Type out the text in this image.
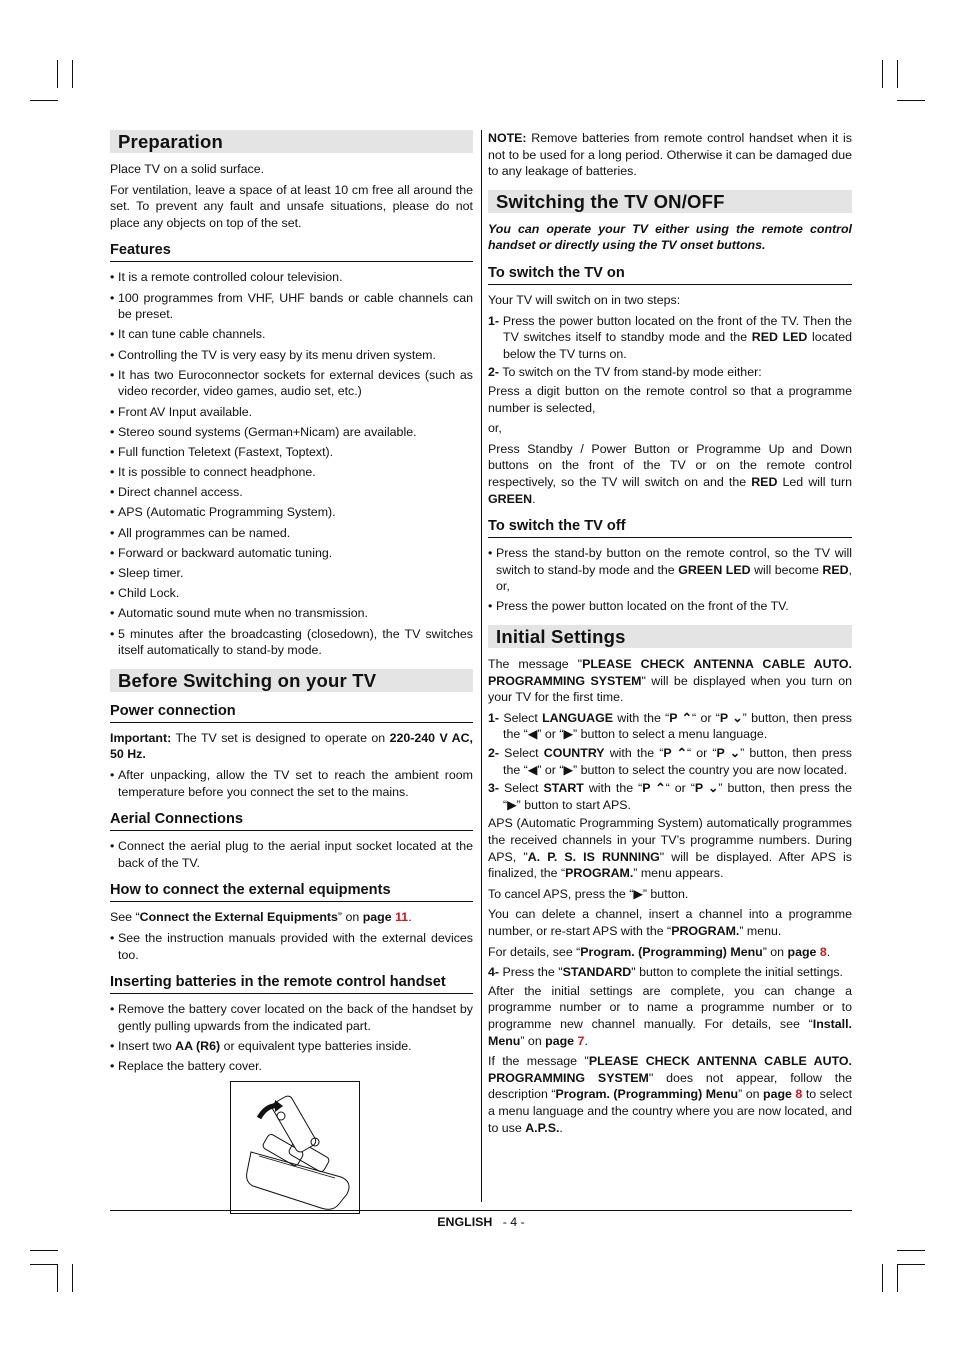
Preparation

Place TV on a solid surface.

For ventilation, leave a space of at least 10 cm free all around the set. To prevent any fault and unsafe situations, please do not place any objects on top of the set.

Features
• It is a remote controlled colour television.
• 100 programmes from VHF, UHF bands or cable channels can be preset.
• It can tune cable channels.
• Controlling the TV is very easy by its menu driven system.
• It has two Euroconnector sockets for external devices (such as video recorder, video games, audio set, etc.)
• Front AV Input available.
• Stereo sound systems (German+Nicam) are available.
• Full function Teletext (Fastext, Toptext).
• It is possible to connect headphone.
• Direct channel access.
• APS (Automatic Programming System).
• All programmes can be named.
• Forward or backward automatic tuning.
• Sleep timer.
• Child Lock.
• Automatic sound mute when no transmission.
• 5 minutes after the broadcasting (closedown), the TV switches itself automatically to stand-by mode.
Before Switching on your TV
Power connection

Important: The TV set is designed to operate on 220-240 V AC, 50 Hz.

• After unpacking, allow the TV set to reach the ambient room temperature before you connect the set to the mains.
Aerial Connections
• Connect the aerial plug to the aerial input socket located at the back of the TV.
How to connect the external equipments

See “Connect the External Equipments” on page 11.

• See the instruction manuals provided with the external devices too.
Inserting batteries in the remote control handset
• Remove the battery cover located on the back of the handset by gently pulling upwards from the indicated part.
• Insert two AA (R6) or equivalent type batteries inside.
• Replace the battery cover.

NOTE: Remove batteries from remote control handset when it is not to be used for a long period. Otherwise it can be damaged due to any leakage of batteries.

Switching the TV ON/OFF

You can operate your TV either using the remote control handset or directly using the TV onset buttons.

To switch the TV on

Your TV will switch on in two steps:

1- Press the power button located on the front of the TV. Then the TV switches itself to standby mode and the RED LED located below the TV turns on.
2- To switch on the TV from stand-by mode either:

Press a digit button on the remote control so that a programme number is selected,

or,

Press Standby / Power Button or Programme Up and Down buttons on the front of the TV or on the remote control respectively, so the TV will switch on and the RED Led will turn GREEN.

To switch the TV off
• Press the stand-by button on the remote control, so the TV will switch to stand-by mode and the GREEN LED will become RED, or,
• Press the power button located on the front of the TV.
Initial Settings

The message "PLEASE CHECK ANTENNA CABLE AUTO. PROGRAMMING SYSTEM" will be displayed when you turn on your TV for the first time.

1- Select LANGUAGE with the “P ⌃“ or “P ⌄” button, then press the “◀” or “▶” button to select a menu language.
2- Select COUNTRY with the “P ⌃“ or “P ⌄” button, then press the “◀” or “▶” button to select the country you are now located.
3- Select START with the “P ⌃“ or “P ⌄” button, then press the “▶” button to start APS.

APS (Automatic Programming System) automatically programmes the received channels in your TV’s programme numbers. During APS, "A. P. S. IS RUNNING" will be displayed. After APS is finalized, the “PROGRAM.” menu appears.

To cancel APS, press the “▶” button.

You can delete a channel, insert a channel into a programme number, or re-start APS with the “PROGRAM.” menu.

For details, see “Program. (Programming) Menu” on page 8.

4- Press the "STANDARD" button to complete the initial settings.

After the initial settings are complete, you can change a programme number or to name a programme number or to programme new channel manually. For details, see “Install. Menu” on page 7.

If the message "PLEASE CHECK ANTENNA CABLE AUTO. PROGRAMMING SYSTEM" does not appear, follow the description “Program. (Programming) Menu” on page 8 to select a menu language and the country where you are now located, and to use A.P.S..

ENGLISH - 4 -
